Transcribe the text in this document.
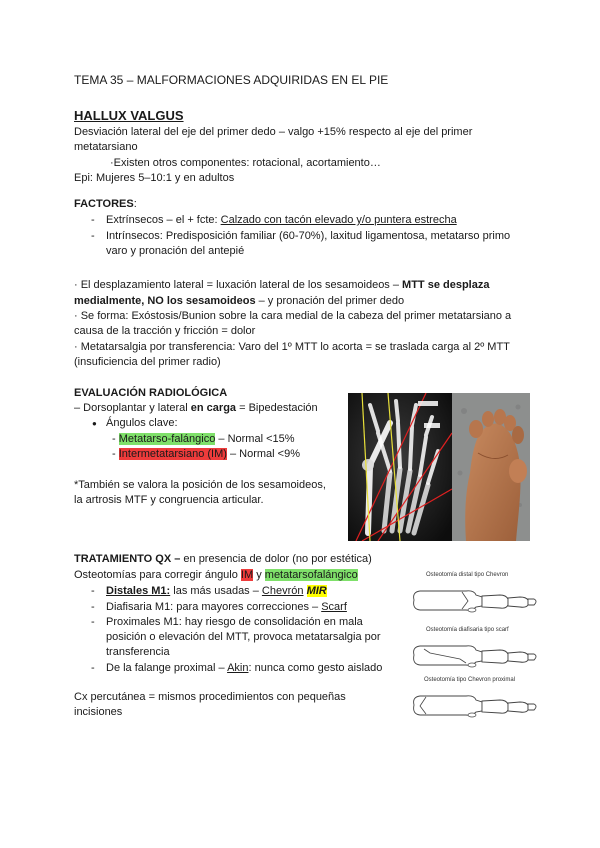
TEMA 35 – MALFORMACIONES ADQUIRIDAS EN EL PIE
HALLUX VALGUS
Desviación lateral del eje del primer dedo – valgo +15% respecto al eje del primer
metatarsiano
·Existen otros componentes: rotacional, acortamiento…
Epi: Mujeres 5–10:1 y en adultos
FACTORES:
- Extrínsecos – el + fcte: Calzado con tacón elevado y/o puntera estrecha
- Intrínsecos: Predisposición familiar (60-70%), laxitud ligamentosa, metatarso primo
varo y pronación del antepié
· El desplazamiento lateral = luxación lateral de los sesamoideos – MTT se desplaza
medialmente, NO los sesamoideos – y pronación del primer dedo
· Se forma: Exóstosis/Bunion sobre la cara medial de la cabeza del primer metatarsiano a
causa de la tracción y fricción = dolor
· Metatarsalgia por transferencia: Varo del 1º MTT lo acorta = se traslada carga al 2º MTT
(insuficiencia del primer radio)
EVALUACIÓN RADIOLÓGICA
– Dorsoplantar y lateral en carga = Bipedestación
● Ángulos clave:
- Metatarso-falángico – Normal <15%
- Intermetatarsiano (IM) – Normal <9%
*También se valora la posición de los sesamoideos,
la artrosis MTF y congruencia articular.
TRATAMIENTO QX – en presencia de dolor (no por estética)
Osteotomías para corregir ángulo IM y metatarsofalángico
- Distales M1: las más usadas – Chevrón MIR
- Diafisaria M1: para mayores correcciones – Scarf
- Proximales M1: hay riesgo de consolidación en mala
posición o elevación del MTT, provoca metatarsalgia por
transferencia
- De la falange proximal – Akin: nunca como gesto aislado
Cx percutánea = mismos procedimientos con pequeñas
incisiones
Osteotomía distal tipo Chevron
Osteotomía diafisaria tipo scarf
Osteotomía tipo Chevron proximal
